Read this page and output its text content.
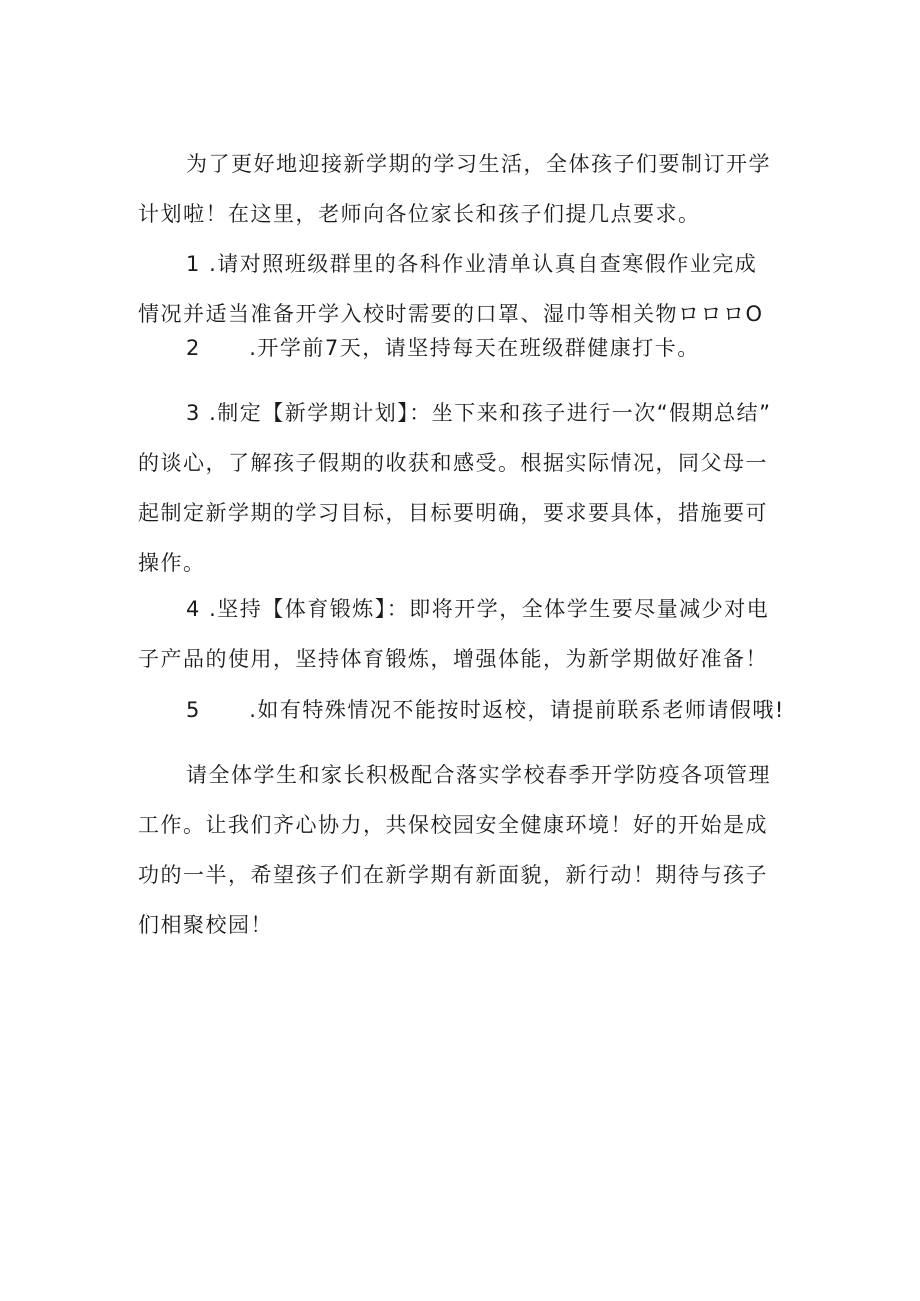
为了更好地迎接新学期的学习生活，全体孩子们要制订开学
计划啦！在这里，老师向各位家长和孩子们提几点要求。
1 .请对照班级群里的各科作业清单认真自查寒假作业完成
情况并适当准备开学入校时需要的口罩、湿巾等相关物ロロロO
2 .开学前7天，请坚持每天在班级群健康打卡。
3 .制定【新学期计划】：坐下来和孩子进行一次“假期总结”
的谈心，了解孩子假期的收获和感受。根据实际情况，同父母一
起制定新学期的学习目标，目标要明确，要求要具体，措施要可
操作。
4 .坚持【体育锻炼】：即将开学，全体学生要尽量减少对电
子产品的使用，坚持体育锻炼，增强体能，为新学期做好准备！
5 .如有特殊情况不能按时返校，请提前联系老师请假哦!
请全体学生和家长积极配合落实学校春季开学防疫各项管理
工作。让我们齐心协力，共保校园安全健康环境！好的开始是成
功的一半，希望孩子们在新学期有新面貌，新行动！期待与孩子
们相聚校园！
